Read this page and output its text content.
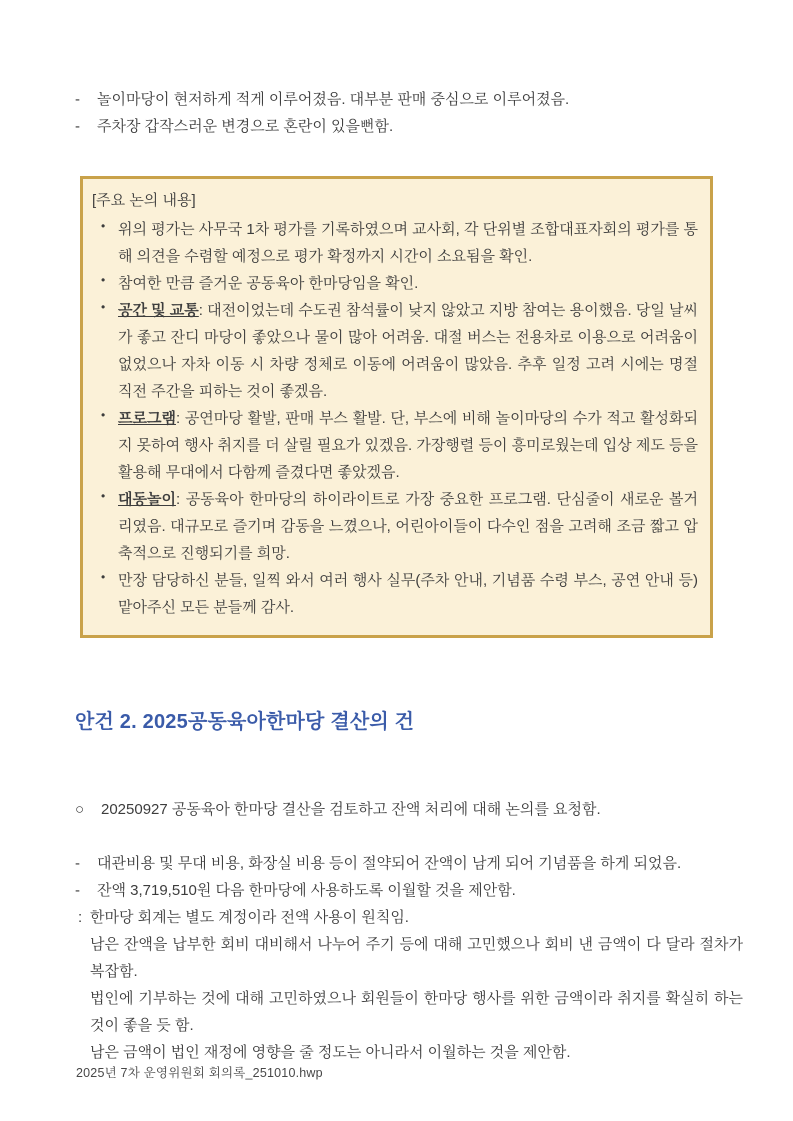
-	놀이마당이 현저하게 적게 이루어졌음. 대부분 판매 중심으로 이루어졌음.

-	주차장 갑작스러운 변경으로 혼란이 있을뻔함.

[주요 논의 내용]

• 위의 평가는 사무국 1차 평가를 기록하였으며 교사회, 각 단위별 조합대표자회의 평가를 통해 의견을 수렴할 예정으로 평가 확정까지 시간이 소요됨을 확인.
• 참여한 만큼 즐거운 공동육아 한마당임을 확인.
• 공간 및 교통: 대전이었는데 수도권 참석률이 낮지 않았고 지방 참여는 용이했음. 당일 날씨가 좋고 잔디 마당이 좋았으나 물이 많아 어려움. 대절 버스는 전용차로 이용으로 어려움이 없었으나 자차 이동 시 차량 정체로 이동에 어려움이 많았음. 추후 일정 고려 시에는 명절 직전 주간을 피하는 것이 좋겠음.
• 프로그램: 공연마당 활발, 판매 부스 활발. 단, 부스에 비해 놀이마당의 수가 적고 활성화되지 못하여 행사 취지를 더 살릴 필요가 있겠음. 가장행렬 등이 흥미로웠는데 입상 제도 등을 활용해 무대에서 다함께 즐겼다면 좋았겠음.
• 대동놀이: 공동육아 한마당의 하이라이트로 가장 중요한 프로그램. 단심줄이 새로운 볼거리였음. 대규모로 즐기며 감동을 느꼈으나, 어린아이들이 다수인 점을 고려해 조금 짧고 압축적으로 진행되기를 희망.
• 만장 담당하신 분들, 일찍 와서 여러 행사 실무(주차 안내, 기념품 수령 부스, 공연 안내 등) 맡아주신 모든 분들께 감사.
안건 2. 2025공동육아한마당 결산의 건

○	20250927 공동육아 한마당 결산을 검토하고 잔액 처리에 대해 논의를 요청함.

-	대관비용 및 무대 비용, 화장실 비용 등이 절약되어 잔액이 남게 되어 기념품을 하게 되었음.

-	잔액 3,719,510원 다음 한마당에 사용하도록 이월할 것을 제안함.

: 한마당 회계는 별도 계정이라 전액 사용이 원칙임.

남은 잔액을 납부한 회비 대비해서 나누어 주기 등에 대해 고민했으나 회비 낸 금액이 다 달라 절차가 복잡함.

법인에 기부하는 것에 대해 고민하였으나 회원들이 한마당 행사를 위한 금액이라 취지를 확실히 하는 것이 좋을 듯 함.

남은 금액이 법인 재정에 영향을 줄 정도는 아니라서 이월하는 것을 제안함.

2025년 7차 운영위원회 회의록_251010.hwp
